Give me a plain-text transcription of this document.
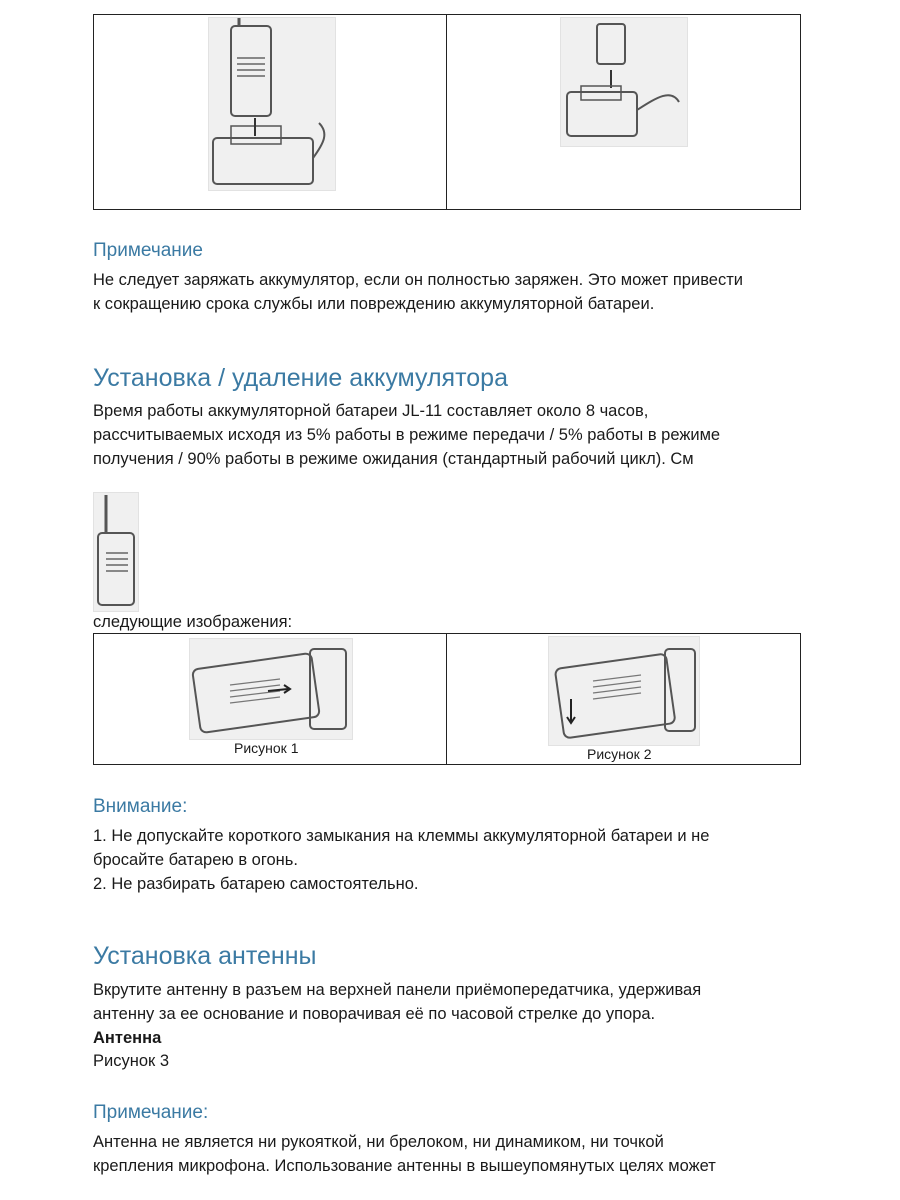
Примечание
Не следует заряжать аккумулятор, если он полностью заряжен. Это может привести
к сокращению срока службы или повреждению аккумуляторной батареи.
Установка / удаление аккумулятора
Время работы аккумуляторной батареи JL-11 составляет около 8 часов,
рассчитываемых исходя из 5% работы в режиме передачи / 5% работы в режиме
получения / 90% работы в режиме ожидания (стандартный рабочий цикл). См
следующие изображения:
Рисунок 1	Рисунок 2
Внимание:
1. Не допускайте короткого замыкания на клеммы аккумуляторной батареи и не
бросайте батарею в огонь.
2. Не разбирать батарею самостоятельно.
Установка антенны
Вкрутите антенну в разъем на верхней панели приёмопередатчика, удерживая
антенну за ее основание и поворачивая её по часовой стрелке до упора.
Антенна
Рисунок 3
Примечание:
Антенна не является ни рукояткой, ни брелоком, ни динамиком, ни точкой
крепления микрофона. Использование антенны в вышеупомянутых целях может
